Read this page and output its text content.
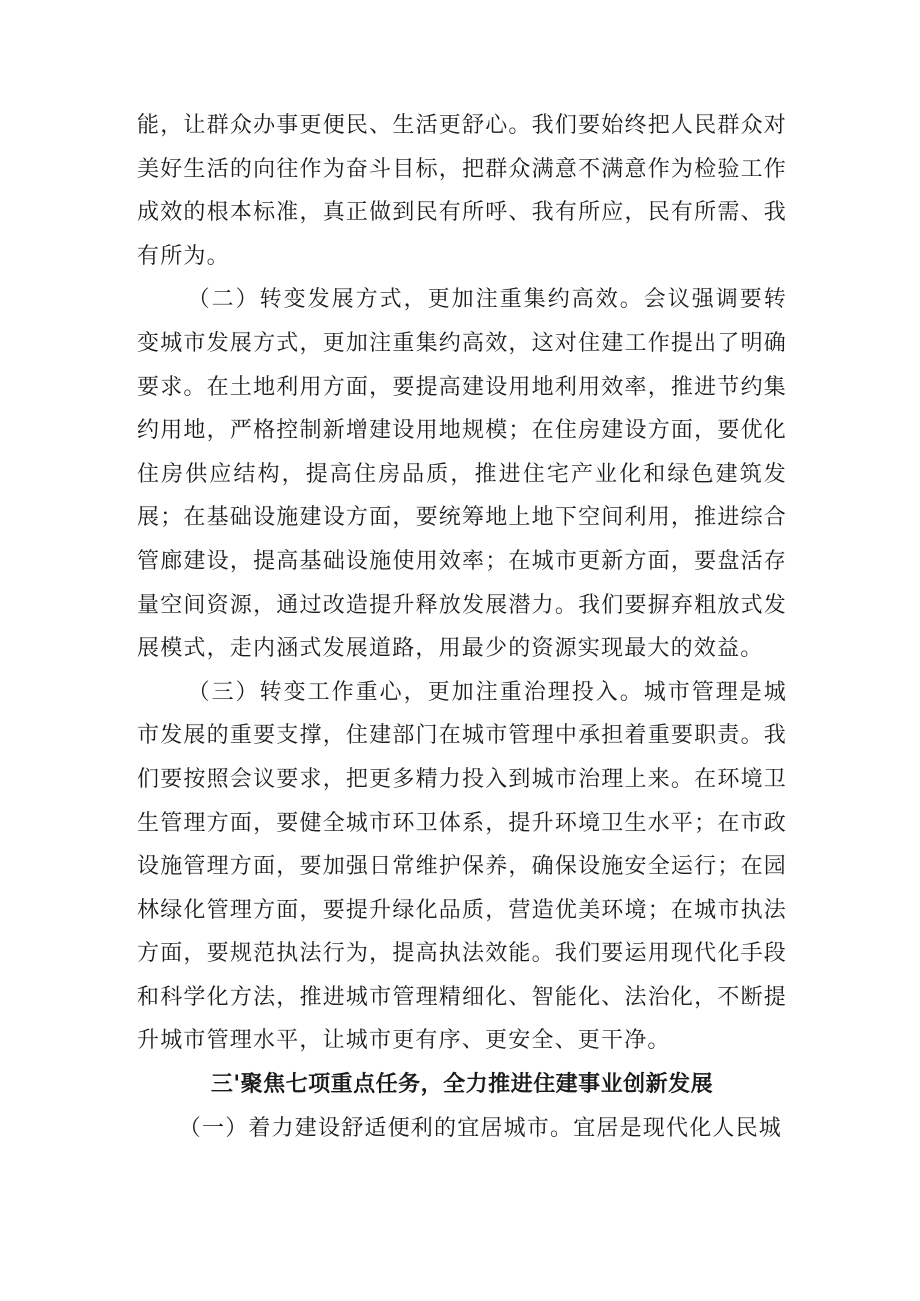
能，让群众办事更便民、生活更舒心。我们要始终把人民群众对美好生活的向往作为奋斗目标，把群众满意不满意作为检验工作成效的根本标准，真正做到民有所呼、我有所应，民有所需、我有所为。

（二）转变发展方式，更加注重集约高效。会议强调要转变城市发展方式，更加注重集约高效，这对住建工作提出了明确要求。在土地利用方面，要提高建设用地利用效率，推进节约集约用地，严格控制新增建设用地规模；在住房建设方面，要优化住房供应结构，提高住房品质，推进住宅产业化和绿色建筑发展；在基础设施建设方面，要统筹地上地下空间利用，推进综合管廊建设，提高基础设施使用效率；在城市更新方面，要盘活存量空间资源，通过改造提升释放发展潜力。我们要摒弃粗放式发展模式，走内涵式发展道路，用最少的资源实现最大的效益。

（三）转变工作重心，更加注重治理投入。城市管理是城市发展的重要支撑，住建部门在城市管理中承担着重要职责。我们要按照会议要求，把更多精力投入到城市治理上来。在环境卫生管理方面，要健全城市环卫体系，提升环境卫生水平；在市政设施管理方面，要加强日常维护保养，确保设施安全运行；在园林绿化管理方面，要提升绿化品质，营造优美环境；在城市执法方面，要规范执法行为，提高执法效能。我们要运用现代化手段和科学化方法，推进城市管理精细化、智能化、法治化，不断提升城市管理水平，让城市更有序、更安全、更干净。

三'聚焦七项重点任务，全力推进住建事业创新发展

（一）着力建设舒适便利的宜居城市。宜居是现代化人民城
